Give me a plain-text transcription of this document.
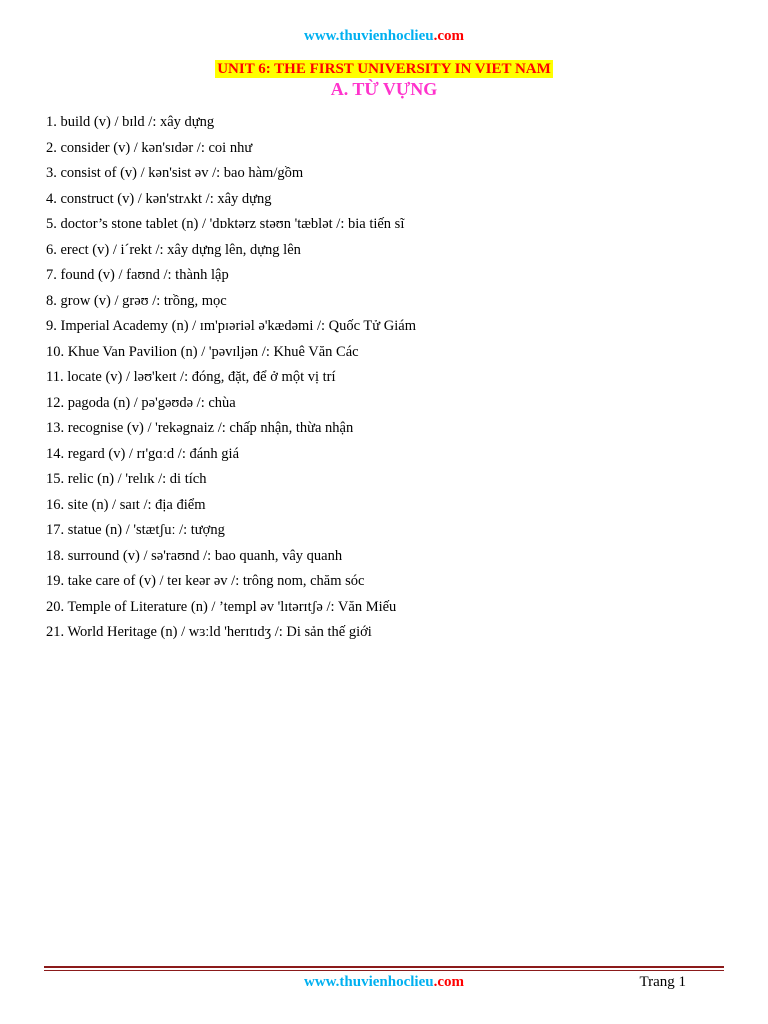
www.thuvienhoclieu.com
UNIT 6: THE FIRST UNIVERSITY IN VIET NAM
A. TỪ VỰNG
1. build (v) / bɪld /: xây dựng
2. consider (v) / kən'sɪdər /: coi như
3. consist of (v) / kən'sist əv /: bao hàm/gồm
4. construct (v) / kən'strʌkt /: xây dựng
5. doctor’s stone tablet (n) / 'dɒktərz stəʊn 'tæblət /: bia tiến sĩ
6. erect (v) / i´rekt /: xây dựng lên, dựng lên
7. found (v) / faʊnd /: thành lập
8. grow (v) / grəʊ /: trồng, mọc
9. Imperial Academy (n) / ɪm'pɪəriəl ə'kædəmi /: Quốc Tử Giám
10. Khue Van Pavilion (n) / 'pəvɪljən /: Khuê Văn Các
11. locate (v) / ləʊ'keɪt /: đóng, đặt, để ở một vị trí
12. pagoda (n) / pə'gəʊdə /: chùa
13. recognise (v) / 'rekəgnaiz /: chấp nhận, thừa nhận
14. regard (v) / rɪ'gɑːd /: đánh giá
15. relic (n) / 'relɪk /: di tích
16. site (n) / saɪt /: địa điểm
17. statue (n) / 'stætʃuː /: tượng
18. surround (v) / sə'raʊnd /: bao quanh, vây quanh
19. take care of (v) / teɪ keər əv /: trông nom, chăm sóc
20. Temple of Literature (n) / ’templ əv 'lɪtərɪtʃə /: Văn Miếu
21. World Heritage (n) / wɜːld 'herɪtɪdʒ /: Di sản thế giới
www.thuvienhoclieu.com	Trang 1
